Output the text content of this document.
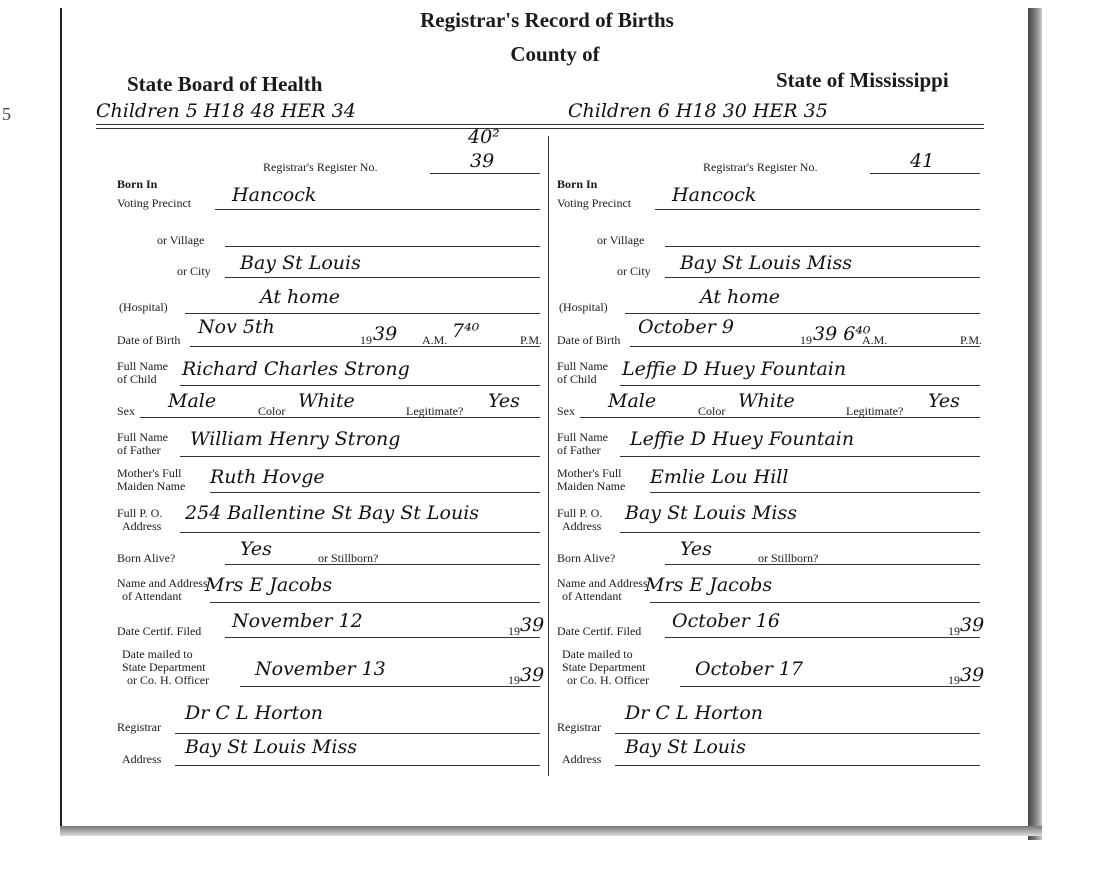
5
Registrar's Record of Births
County of
State Board of Health	State of Mississippi
Children 5 H18 48 HER 34	Children 6 H18 30 HER 35
Registrar's Register No.
40²
39
Born In
Voting Precinct Hancock
or Village
or City Bay St Louis
(Hospital)	At home
Date of Birth
Nov 5th
19 39 A.M. 7⁴⁰	P.M.
Full Name
of Child Richard Charles Strong
Sex Male	Color White	Legitimate? Yes
Full Name
of Father William Henry Strong
Mother's Full
Maiden Name Ruth Hovge
Full P. O.
Address
254 Ballentine St Bay St Louis
Born Alive?	Yes	or Stillborn?
Name and Address
of Attendant Mrs E Jacobs
Date Certif. Filed November 12	19 39
Date mailed to
State Department
or Co. H. Officer November 13	19 39
Registrar
Dr C L Horton
Address
Bay St Louis Miss
Registrar's Register No.	41
Born In
Voting Precinct Hancock
or Village
or City Bay St Louis Miss
(Hospital)	At home
Date of Birth
October 9
19 39 6⁴⁰
A.M.	P.M.
Full Name
of Child Leffie D Huey Fountain
Sex Male	Color White	Legitimate? Yes
Full Name
of Father Leffie D Huey Fountain
Mother's Full
Maiden Name Emlie Lou Hill
Full P. O.
Address
Bay St Louis Miss
Born Alive?	Yes	or Stillborn?
Name and Address
of Attendant Mrs E Jacobs
Date Certif. Filed October 16	19 39
Date mailed to
State Department
or Co. H. Officer October 17	19 39
Registrar
Dr C L Horton
Address
Bay St Louis
